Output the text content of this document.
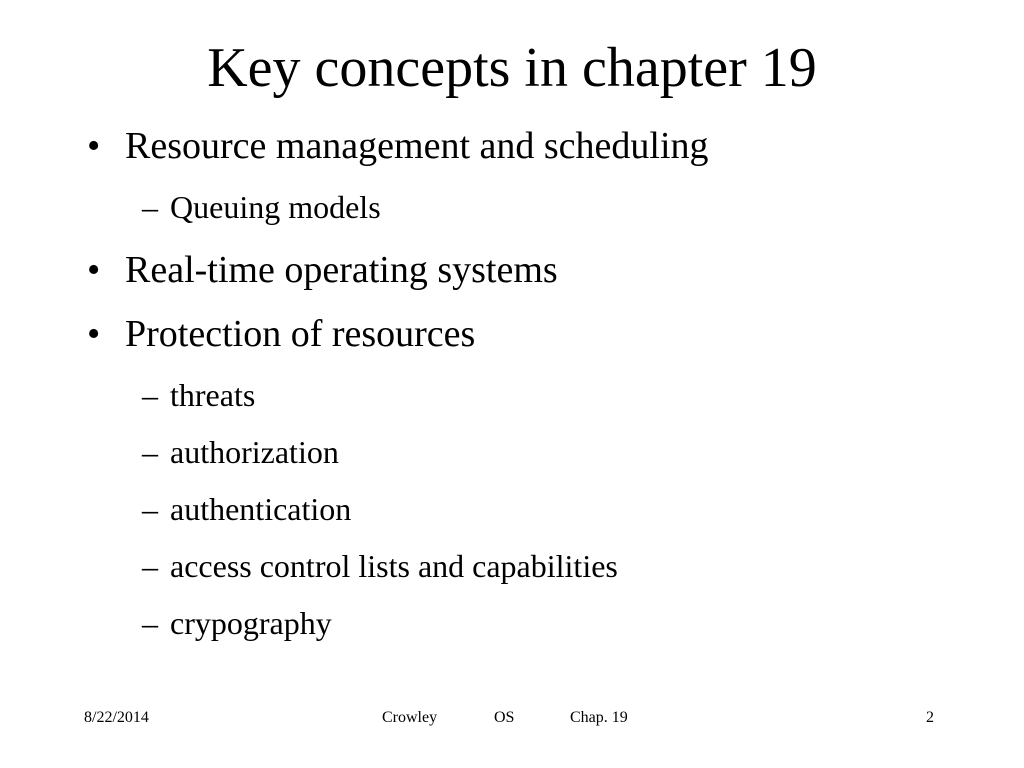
Key concepts in chapter 19
• Resource management and scheduling
– Queuing models
• Real-time operating systems
• Protection of resources
– threats
– authorization
– authentication
– access control lists and capabilities
– crypography
8/22/2014	Crowley	OS	Chap. 19	2
